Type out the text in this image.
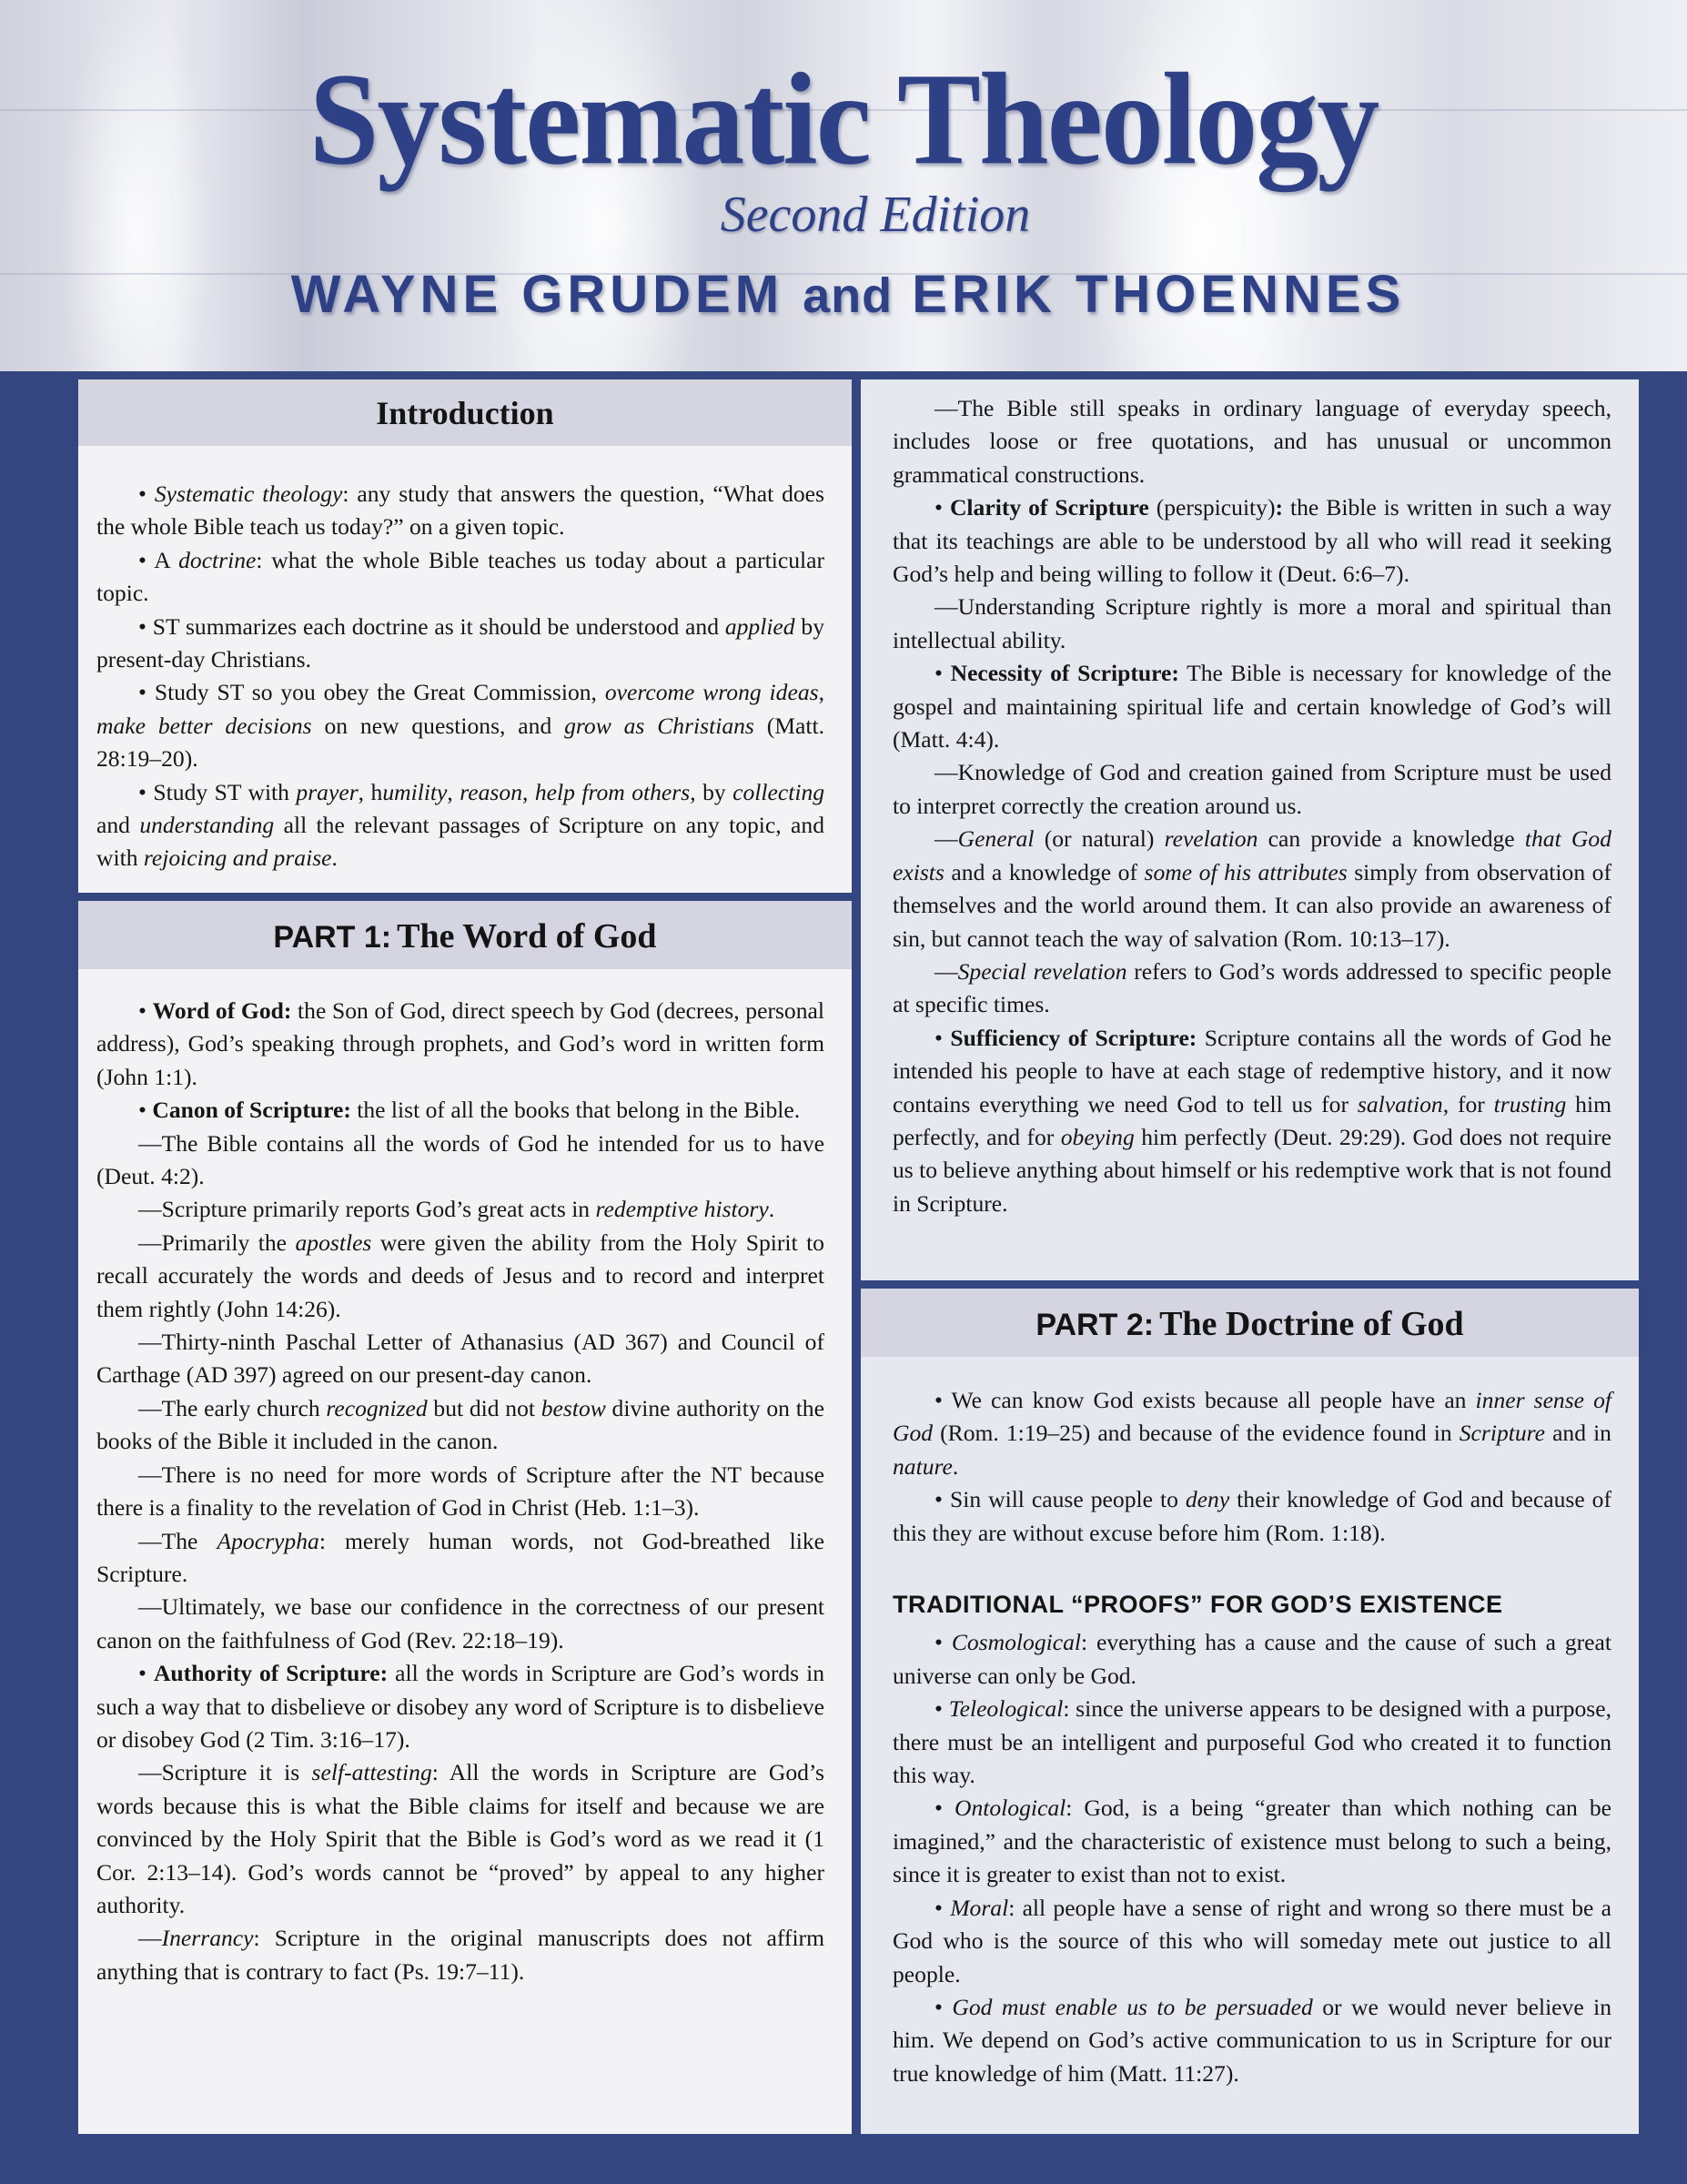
Systematic Theology
Second Edition
WAYNE GRUDEM and ERIK THOENNES
Introduction

• Systematic theology: any study that answers the question, “What does the whole Bible teach us today?” on a given topic.

• A doctrine: what the whole Bible teaches us today about a particular topic.

• ST summarizes each doctrine as it should be understood and applied by present-day Christians.

• Study ST so you obey the Great Commission, overcome wrong ideas, make better decisions on new questions, and grow as Christians (Matt. 28:19–20).

• Study ST with prayer, humility, reason, help from others, by collecting and understanding all the relevant passages of Scripture on any topic, and with rejoicing and praise.

PART 1: The Word of God

• Word of God: the Son of God, direct speech by God (decrees, personal address), God’s speaking through prophets, and God’s word in written form (John 1:1).

• Canon of Scripture: the list of all the books that belong in the Bible.

—The Bible contains all the words of God he intended for us to have (Deut. 4:2).

—Scripture primarily reports God’s great acts in redemptive history.

—Primarily the apostles were given the ability from the Holy Spirit to recall accurately the words and deeds of Jesus and to record and interpret them rightly (John 14:26).

—Thirty-ninth Paschal Letter of Athanasius (AD 367) and Council of Carthage (AD 397) agreed on our present-day canon.

—The early church recognized but did not bestow divine authority on the books of the Bible it included in the canon.

—There is no need for more words of Scripture after the NT because there is a finality to the revelation of God in Christ (Heb. 1:1–3).

—The Apocrypha: merely human words, not God-breathed like Scripture.

—Ultimately, we base our confidence in the correctness of our present canon on the faithfulness of God (Rev. 22:18–19).

• Authority of Scripture: all the words in Scripture are God’s words in such a way that to disbelieve or disobey any word of Scripture is to disbelieve or disobey God (2 Tim. 3:16–17).

—Scripture it is self-attesting: All the words in Scripture are God’s words because this is what the Bible claims for itself and because we are convinced by the Holy Spirit that the Bible is God’s word as we read it (1 Cor. 2:13–14). God’s words cannot be “proved” by appeal to any higher authority.

—Inerrancy: Scripture in the original manuscripts does not affirm anything that is contrary to fact (Ps. 19:7–11).

—The Bible still speaks in ordinary language of everyday speech, includes loose or free quotations, and has unusual or uncommon grammatical constructions.

• Clarity of Scripture (perspicuity): the Bible is written in such a way that its teachings are able to be understood by all who will read it seeking God’s help and being willing to follow it (Deut. 6:6–7).

—Understanding Scripture rightly is more a moral and spiritual than intellectual ability.

• Necessity of Scripture: The Bible is necessary for knowledge of the gospel and maintaining spiritual life and certain knowledge of God’s will (Matt. 4:4).

—Knowledge of God and creation gained from Scripture must be used to interpret correctly the creation around us.

—General (or natural) revelation can provide a knowledge that God exists and a knowledge of some of his attributes simply from observation of themselves and the world around them. It can also provide an awareness of sin, but cannot teach the way of salvation (Rom. 10:13–17).

—Special revelation refers to God’s words addressed to specific people at specific times.

• Sufficiency of Scripture: Scripture contains all the words of God he intended his people to have at each stage of redemptive history, and it now contains everything we need God to tell us for salvation, for trusting him perfectly, and for obeying him perfectly (Deut. 29:29). God does not require us to believe anything about himself or his redemptive work that is not found in Scripture.

PART 2: The Doctrine of God

• We can know God exists because all people have an inner sense of God (Rom. 1:19–25) and because of the evidence found in Scripture and in nature.

• Sin will cause people to deny their knowledge of God and because of this they are without excuse before him (Rom. 1:18).

TRADITIONAL “PROOFS” FOR GOD’S EXISTENCE

• Cosmological: everything has a cause and the cause of such a great universe can only be God.

• Teleological: since the universe appears to be designed with a purpose, there must be an intelligent and purposeful God who created it to function this way.

• Ontological: God, is a being “greater than which nothing can be imagined,” and the characteristic of existence must belong to such a being, since it is greater to exist than not to exist.

• Moral: all people have a sense of right and wrong so there must be a God who is the source of this who will someday mete out justice to all people.

• God must enable us to be persuaded or we would never believe in him. We depend on God’s active communication to us in Scripture for our true knowledge of him (Matt. 11:27).
